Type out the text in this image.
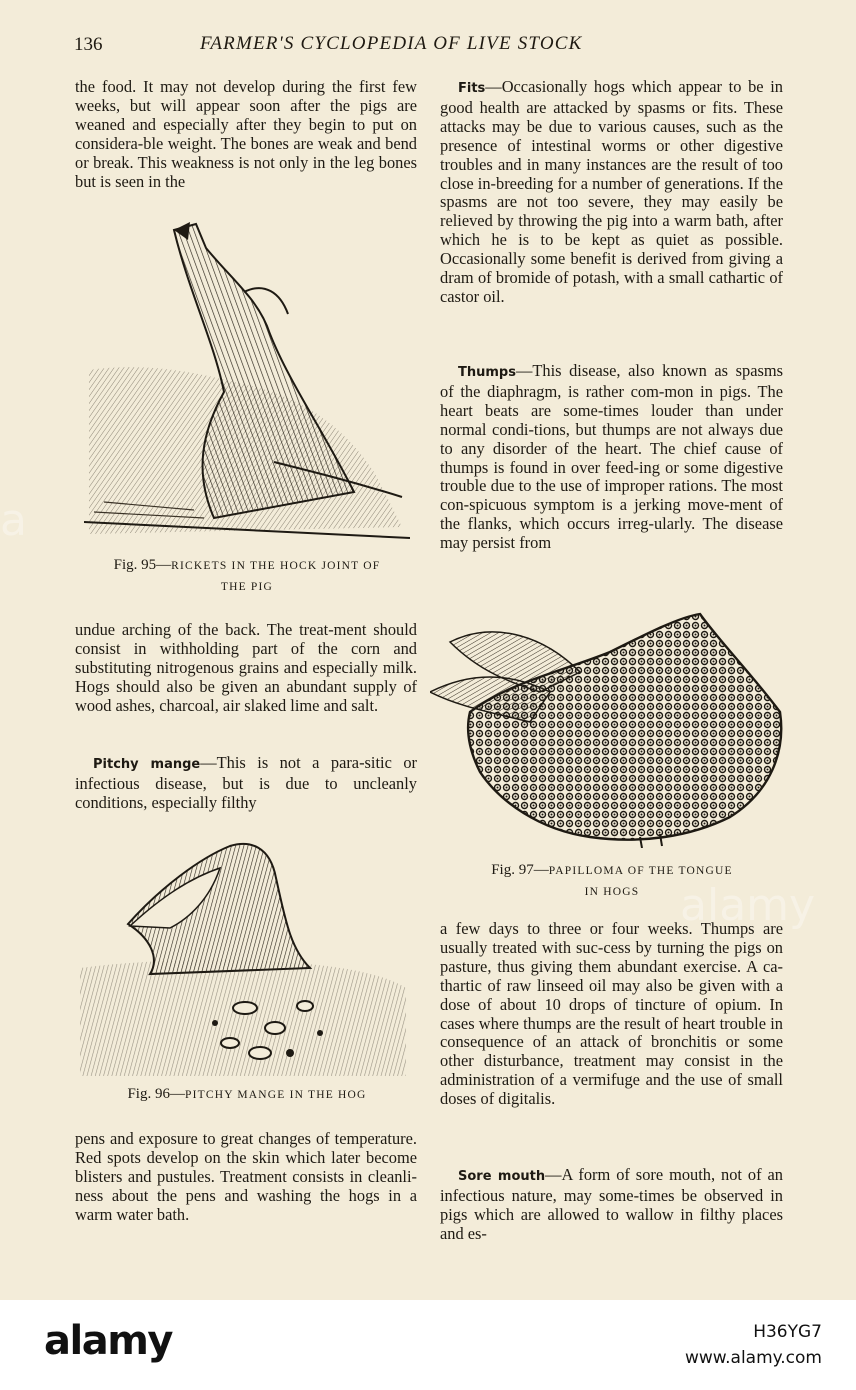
136	FARMER'S CYCLOPEDIA OF LIVE STOCK

the food. It may not develop during the first few weeks, but will appear soon after the pigs are weaned and especially after they begin to put on considera-ble weight. The bones are weak and bend or break. This weakness is not only in the leg bones but is seen in the

Fig. 95—RICKETS IN THE HOCK JOINT OF
THE PIG

undue arching of the back. The treat-ment should consist in withholding part of the corn and substituting nitrogenous grains and especially milk. Hogs should also be given an abundant supply of wood ashes, charcoal, air slaked lime and salt.

Pitchy mange—This is not a para-sitic or infectious disease, but is due to uncleanly conditions, especially filthy

Fig. 96—PITCHY MANGE IN THE HOG

pens and exposure to great changes of temperature. Red spots develop on the skin which later become blisters and pustules. Treatment consists in cleanli-ness about the pens and washing the hogs in a warm water bath.

Fits—Occasionally hogs which appear to be in good health are attacked by spasms or fits. These attacks may be due to various causes, such as the presence of intestinal worms or other digestive troubles and in many instances are the result of too close in-breeding for a number of generations. If the spasms are not too severe, they may easily be relieved by throwing the pig into a warm bath, after which he is to be kept as quiet as possible. Occasionally some benefit is derived from giving a dram of bromide of potash, with a small cathartic of castor oil.

Thumps—This disease, also known as spasms of the diaphragm, is rather com-mon in pigs. The heart beats are some-times louder than under normal condi-tions, but thumps are not always due to any disorder of the heart. The chief cause of thumps is found in over feed-ing or some digestive trouble due to the use of improper rations. The most con-spicuous symptom is a jerking move-ment of the flanks, which occurs irreg-ularly. The disease may persist from

Fig. 97—PAPILLOMA OF THE TONGUE
IN HOGS

a few days to three or four weeks. Thumps are usually treated with suc-cess by turning the pigs on pasture, thus giving them abundant exercise. A ca-thartic of raw linseed oil may also be given with a dose of about 10 drops of tincture of opium. In cases where thumps are the result of heart trouble in consequence of an attack of bronchitis or some other disturbance, treatment may consist in the administration of a vermifuge and the use of small doses of digitalis.

Sore mouth—A form of sore mouth, not of an infectious nature, may some-times be observed in pigs which are allowed to wallow in filthy places and es-

a
alamy
alamy	H36YG7
www.alamy.com
